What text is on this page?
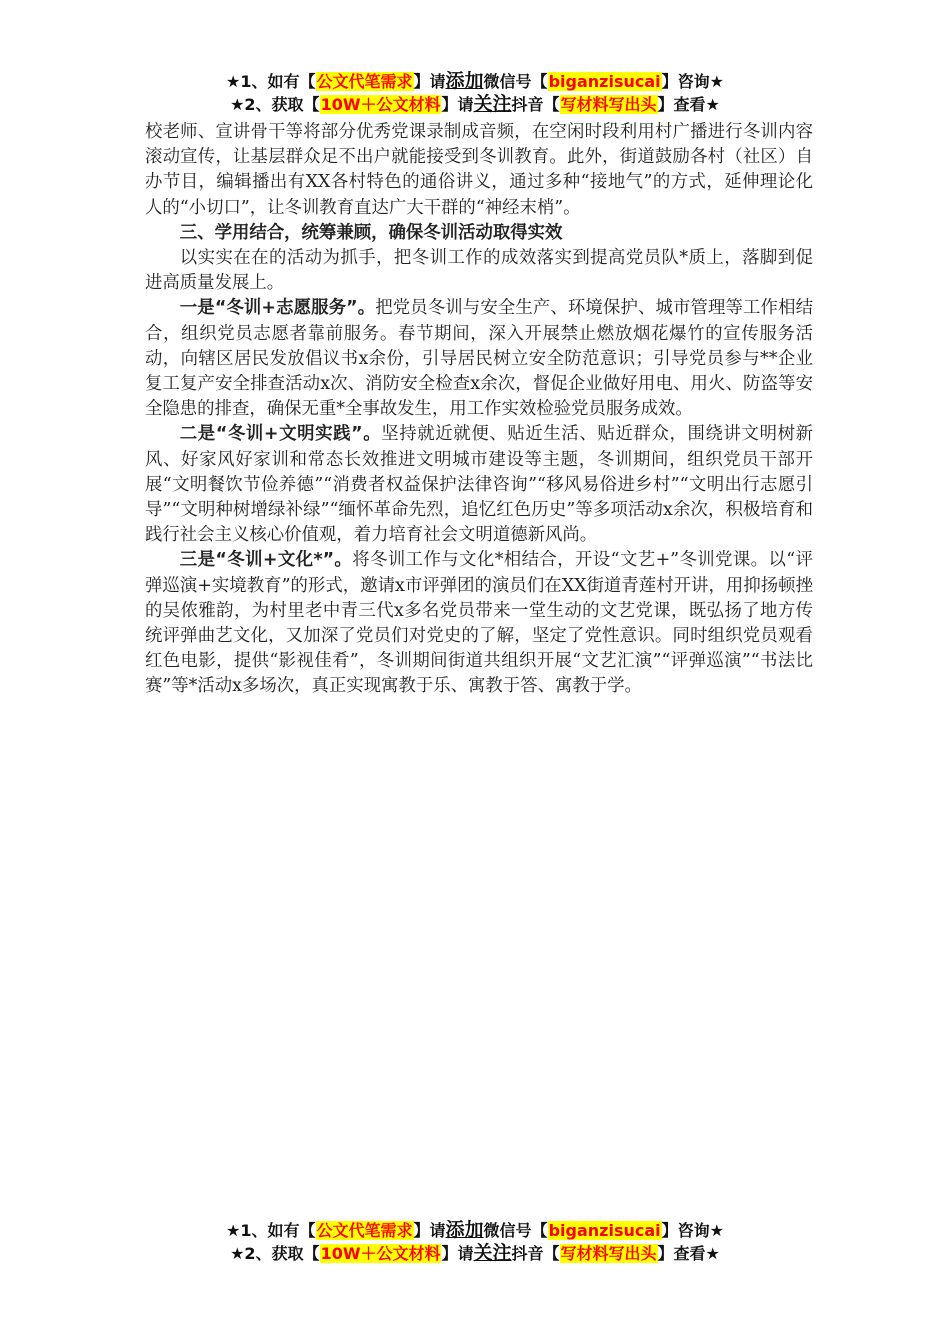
★1、如有【公文代笔需求】请添加微信号【biganzisucai】咨询★
★2、获取【10W＋公文材料】请关注抖音【写材料写出头】查看★

校老师、宣讲骨干等将部分优秀党课录制成音频，在空闲时段利用村广播进行冬训内容滚动宣传，让基层群众足不出户就能接受到冬训教育。此外，街道鼓励各村（社区）自办节目，编辑播出有XX各村特色的通俗讲义，通过多种“接地气”的方式，延伸理论化人的“小切口”，让冬训教育直达广大干群的“神经末梢”。

三、学用结合，统筹兼顾，确保冬训活动取得实效

以实实在在的活动为抓手，把冬训工作的成效落实到提高党员队*质上，落脚到促进高质量发展上。

一是“冬训+志愿服务”。把党员冬训与安全生产、环境保护、城市管理等工作相结合，组织党员志愿者靠前服务。春节期间，深入开展禁止燃放烟花爆竹的宣传服务活动，向辖区居民发放倡议书x余份，引导居民树立安全防范意识；引导党员参与**企业复工复产安全排查活动x次、消防安全检查x余次，督促企业做好用电、用火、防盗等安全隐患的排查，确保无重*全事故发生，用工作实效检验党员服务成效。

二是“冬训+文明实践”。坚持就近就便、贴近生活、贴近群众，围绕讲文明树新风、好家风好家训和常态长效推进文明城市建设等主题，冬训期间，组织党员干部开展“文明餐饮节俭养德”“消费者权益保护法律咨询”“移风易俗进乡村”“文明出行志愿引导”“文明种树增绿补绿”“缅怀革命先烈，追忆红色历史”等多项活动x余次，积极培育和践行社会主义核心价值观，着力培育社会文明道德新风尚。

三是“冬训+文化*”。将冬训工作与文化*相结合，开设“文艺+”冬训党课。以“评弹巡演+实境教育”的形式，邀请x市评弹团的演员们在XX街道青莲村开讲，用抑扬顿挫的吴侬雅韵，为村里老中青三代x多名党员带来一堂生动的文艺党课，既弘扬了地方传统评弹曲艺文化，又加深了党员们对党史的了解，坚定了党性意识。同时组织党员观看红色电影，提供“影视佳肴”，冬训期间街道共组织开展“文艺汇演”“评弹巡演”“书法比赛”等*活动x多场次，真正实现寓教于乐、寓教于答、寓教于学。

★1、如有【公文代笔需求】请添加微信号【biganzisucai】咨询★
★2、获取【10W＋公文材料】请关注抖音【写材料写出头】查看★
